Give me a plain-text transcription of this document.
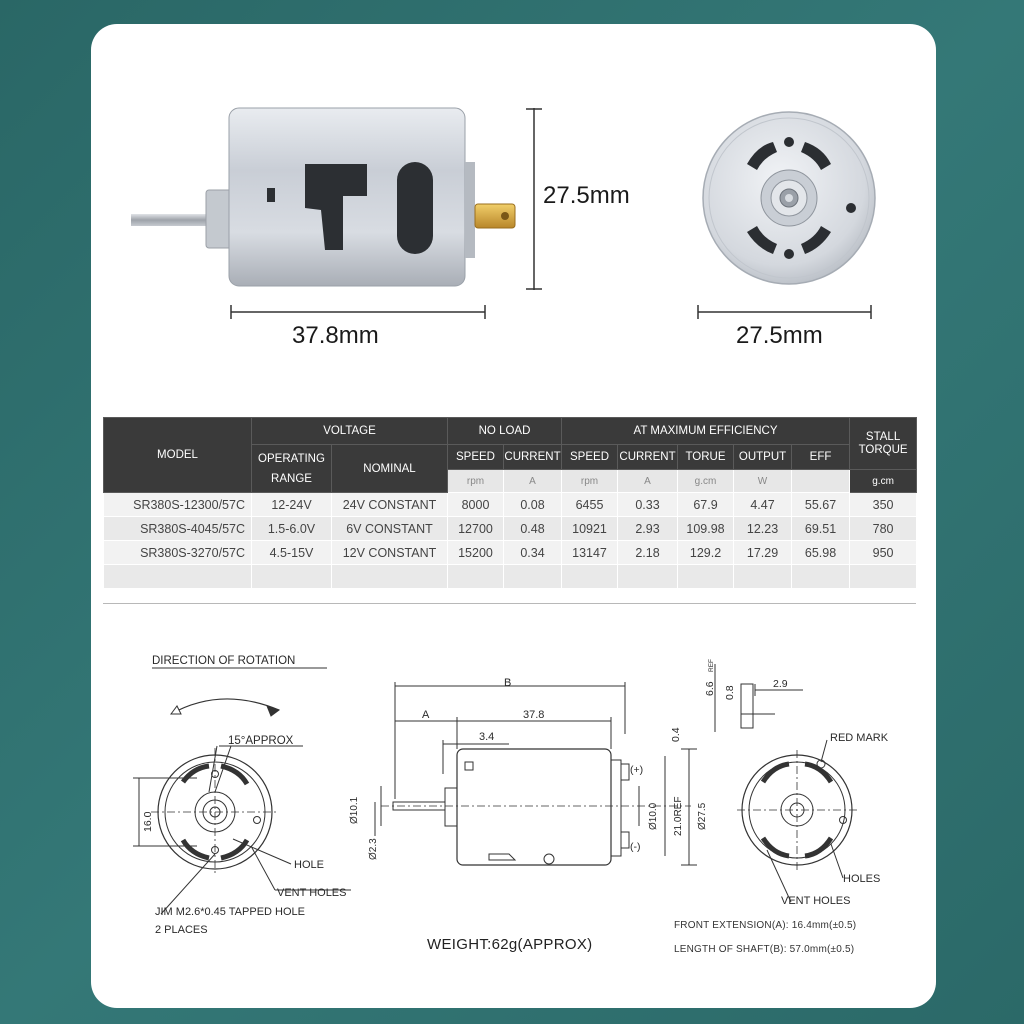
27.5mm
37.8mm	27.5mm
MODEL	VOLTAGE		NO LOAD		AT MAXIMUM EFFICIENCY					STALL
TORQUE
	OPERATING
RANGE	NOMINAL	SPEED	CURRENT	SPEED	CURRENT	TORUE	OUTPUT	EFF	
			rpm	A	rpm	A	g.cm	W		g.cm
SR380S-12300/57C	12-24V	24V CONSTANT	8000	0.08	6455	0.33	67.9	4.47	55.67	350
SR380S-4045/57C	1.5-6.0V	6V CONSTANT	12700	0.48	10921	2.93	109.98	12.23	69.51	780
SR380S-3270/57C	4.5-15V	12V CONSTANT	15200	0.34	13147	2.18	129.2	17.29	65.98	950

DIRECTION OF ROTATION
15°APPROX
16.0
HOLE
VENT HOLES
JIM M2.6*0.45 TAPPED HOLE
2 PLACES
B
A	37.8
3.4	0.4
(+)
(-)
Ø10.1
Ø2.3
Ø10.0 21.0REF Ø27.5
6.6
REF
2.9
0.8
RED MARK
HOLES
VENT HOLES
WEIGHT:62g(APPROX)
FRONT EXTENSION(A): 16.4mm(±0.5)
LENGTH OF SHAFT(B): 57.0mm(±0.5)
